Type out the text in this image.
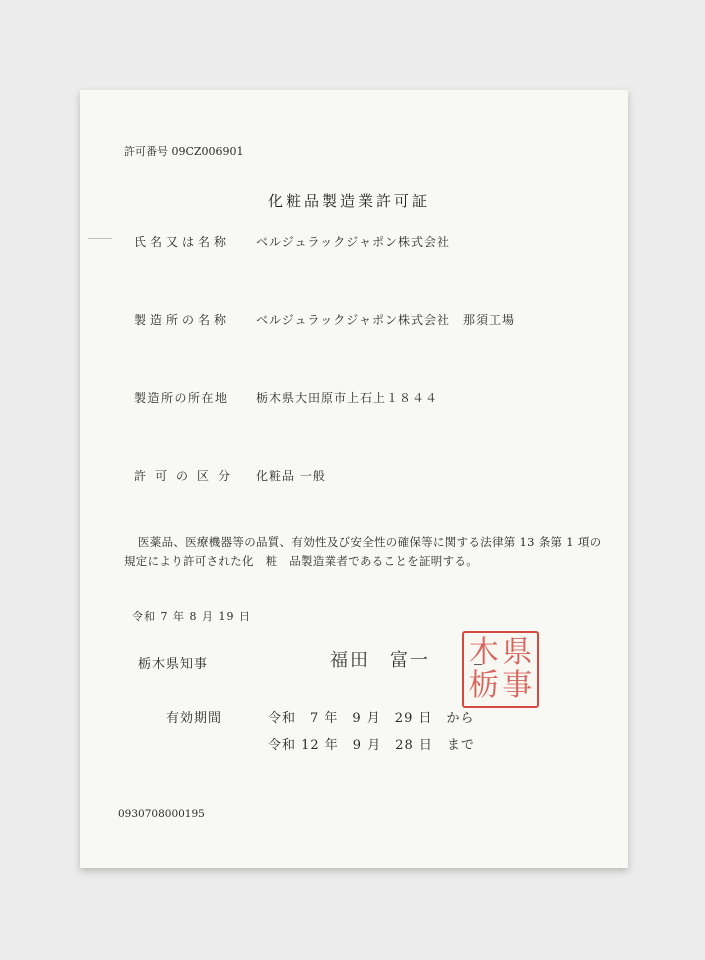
許可番号 09CZ006901
化粧品製造業許可証
氏名又は名称 ベルジュラックジャポン株式会社
製造所の名称 ベルジュラックジャポン株式会社　那須工場
製造所の所在地 栃木県大田原市上石上１８４４
許可の区分 化粧品 一般
医薬品、医療機器等の品質、有効性及び安全性の確保等に関する法律第 13 条第 1 項の
規定により許可された化　粧　品製造業者であることを証明する。
令和 7 年 8 月 19 日
栃木県知事	福田　富一 木 県
栃 事
有効期間	令和　7 年　9 月　29 日　から
令和 12 年　9 月　28 日　まで
0930708000195
